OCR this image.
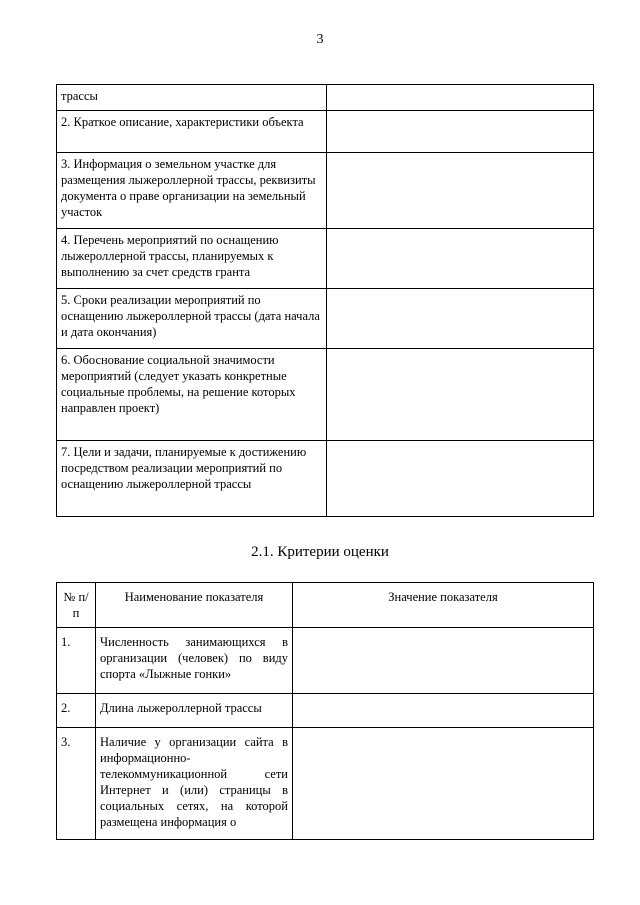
3
трассы	
2. Краткое описание, характеристики объекта	
3. Информация о земельном участке для размещения лыжероллерной трассы, реквизиты документа о праве организации на земельный участок	
4. Перечень мероприятий по оснащению лыжероллерной трассы, планируемых к выполнению за счет средств гранта	
5. Сроки реализации мероприятий по оснащению лыжероллерной трассы (дата начала и дата окончания)	
6. Обоснование социальной значимости мероприятий (следует указать конкретные социальные проблемы, на решение которых направлен проект)	
7. Цели и задачи, планируемые к достижению посредством реализации мероприятий по оснащению лыжероллерной трассы	
2.1. Критерии оценки
№ п/п	Наименование показателя	Значение показателя
1.	Численность занимающихся в организации (человек) по виду спорта «Лыжные гонки»	
2.	Длина лыжероллерной трассы	
3.	Наличие у организации сайта в информационно-телекоммуникационной сети Интернет и (или) страницы в социальных сетях, на которой размещена информация о	
